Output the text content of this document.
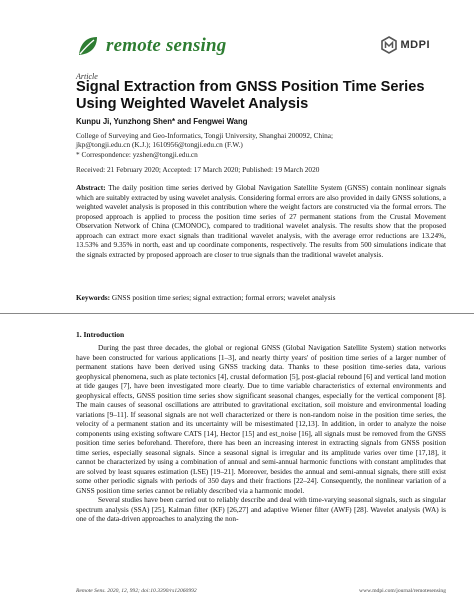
remote sensing	MDPI
Article
Signal Extraction from GNSS Position Time Series Using Weighted Wavelet Analysis
Kunpu Ji, Yunzhong Shen* and Fengwei Wang
College of Surveying and Geo-Informatics, Tongji University, Shanghai 200092, China;
jkp@tongji.edu.cn (K.J.); 1610956@tongji.edu.cn (F.W.)
* Correspondence: yzshen@tongji.edu.cn
Received: 21 February 2020; Accepted: 17 March 2020; Published: 19 March 2020
Abstract: The daily position time series derived by Global Navigation Satellite System (GNSS) contain nonlinear signals which are suitably extracted by using wavelet analysis. Considering formal errors are also provided in daily GNSS solutions, a weighted wavelet analysis is proposed in this contribution where the weight factors are constructed via the formal errors. The proposed approach is applied to process the position time series of 27 permanent stations from the Crustal Movement Observation Network of China (CMONOC), compared to traditional wavelet analysis. The results show that the proposed approach can extract more exact signals than traditional wavelet analysis, with the average error reductions are 13.24%, 13.53% and 9.35% in north, east and up coordinate components, respectively. The results from 500 simulations indicate that the signals extracted by proposed approach are closer to true signals than the traditional wavelet analysis.
Keywords: GNSS position time series; signal extraction; formal errors; wavelet analysis
1. Introduction

During the past three decades, the global or regional GNSS (Global Navigation Satellite System) station networks have been constructed for various applications [1–3], and nearly thirty years' of position time series of a larger number of permanent stations have been derived using GNSS tracking data. Thanks to these position time-series data, various geophysical phenomena, such as plate tectonics [4], crustal deformation [5], post-glacial rebound [6] and vertical land motion at tide gauges [7], have been investigated more clearly. Due to time variable characteristics of external environments and geophysical effects, GNSS position time series show significant seasonal changes, especially for the vertical component [8]. The main causes of seasonal oscillations are attributed to gravitational excitation, soil moisture and environmental loading variations [9–11]. If seasonal signals are not well characterized or there is non-random noise in the position time series, the velocity of a permanent station and its uncertainty will be misestimated [12,13]. In addition, in order to analyze the noise components using existing software CATS [14], Hector [15] and est_noise [16], all signals must be removed from the GNSS position time series beforehand. Therefore, there has been an increasing interest in extracting signals from GNSS position time series, especially seasonal signals. Since a seasonal signal is irregular and its amplitude varies over time [17,18], it cannot be characterized by using a combination of annual and semi-annual harmonic functions with constant amplitudes that are solved by least squares estimation (LSE) [19–21]. Moreover, besides the annual and semi-annual signals, there still exist some other periodic signals with periods of 350 days and their fractions [22–24]. Consequently, the nonlinear variation of a GNSS position time series cannot be reliably described via a harmonic model.

Several studies have been carried out to reliably describe and deal with time-varying seasonal signals, such as singular spectrum analysis (SSA) [25], Kalman filter (KF) [26,27] and adaptive Wiener filter (AWF) [28]. Wavelet analysis (WA) is one of the data-driven approaches to analyzing the non-

Remote Sens. 2020, 12, 992; doi:10.3390/rs12060992	www.mdpi.com/journal/remotesensing
